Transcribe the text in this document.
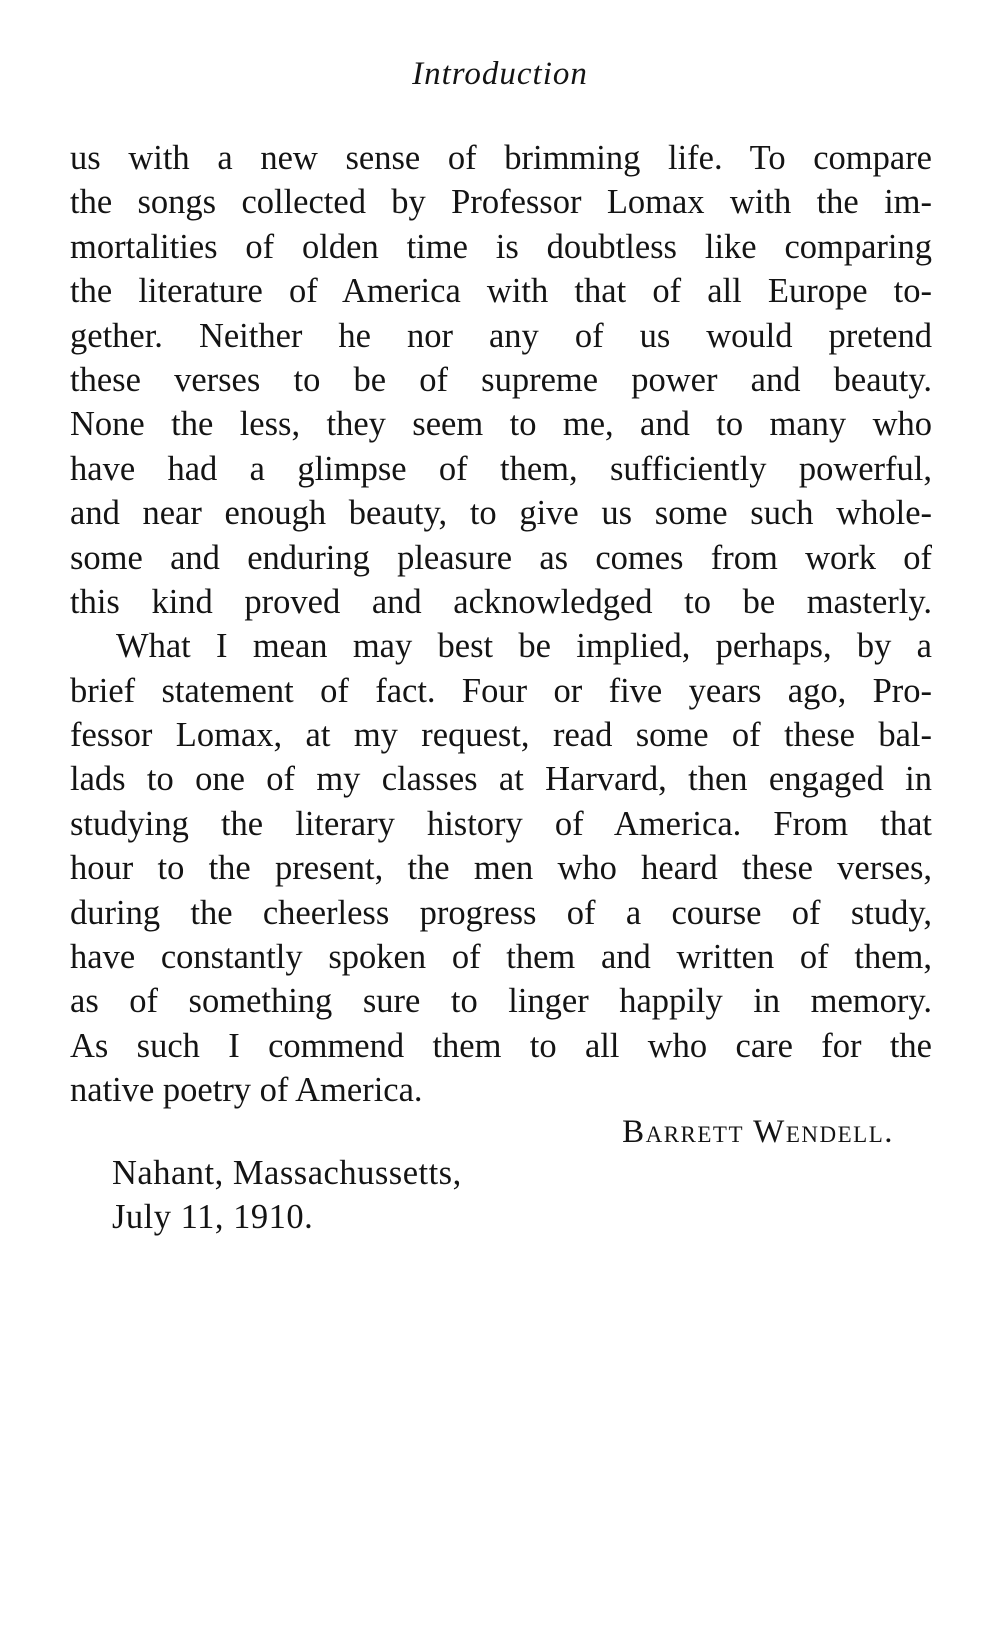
Introduction
us with a new sense of brimming life. To compare
the songs collected by Professor Lomax with the im-
mortalities of olden time is doubtless like comparing
the literature of America with that of all Europe to-
gether. Neither he nor any of us would pretend
these verses to be of supreme power and beauty.
None the less, they seem to me, and to many who
have had a glimpse of them, sufficiently powerful,
and near enough beauty, to give us some such whole-
some and enduring pleasure as comes from work of
this kind proved and acknowledged to be masterly.
What I mean may best be implied, perhaps, by a
brief statement of fact. Four or five years ago, Pro-
fessor Lomax, at my request, read some of these bal-
lads to one of my classes at Harvard, then engaged in
studying the literary history of America. From that
hour to the present, the men who heard these verses,
during the cheerless progress of a course of study,
have constantly spoken of them and written of them,
as of something sure to linger happily in memory.
As such I commend them to all who care for the
native poetry of America.
Barrett Wendell.
Nahant, Massachussetts,
July 11, 1910.
